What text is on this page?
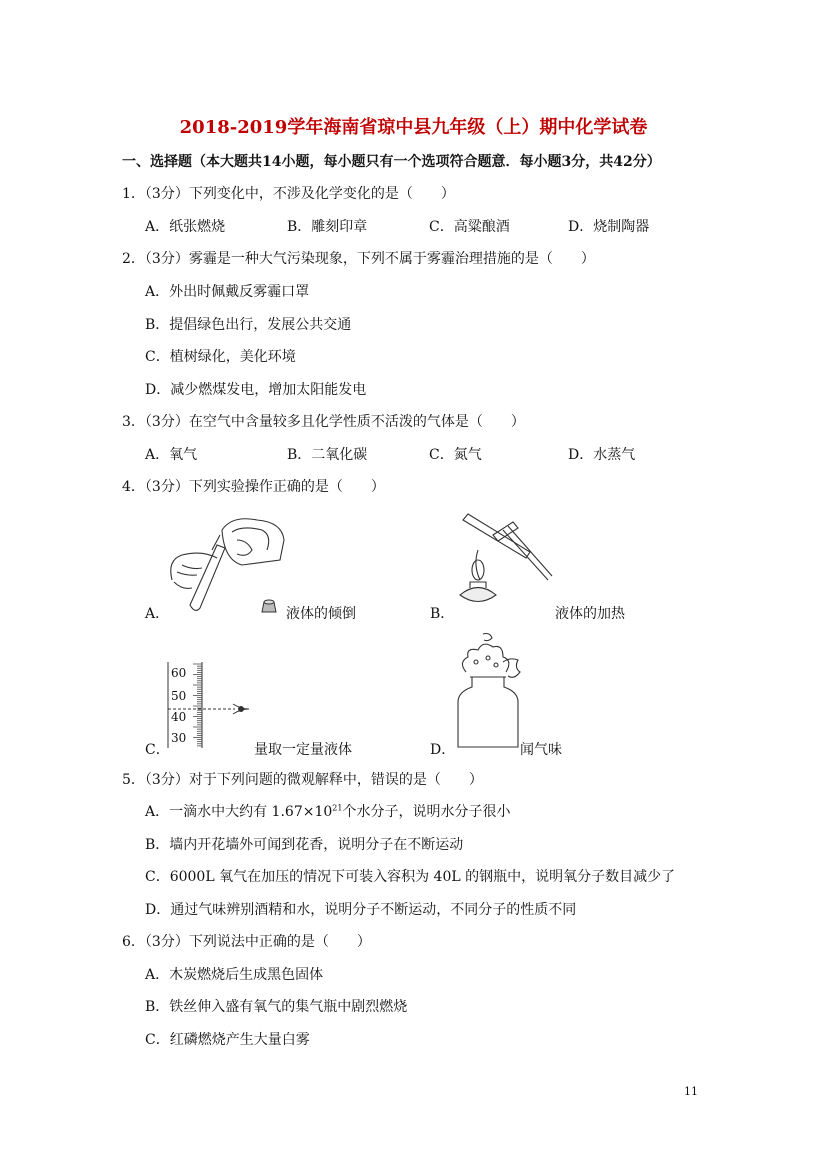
2018-2019学年海南省琼中县九年级（上）期中化学试卷
一、选择题（本大题共14小题，每小题只有一个选项符合题意．每小题3分，共42分）
1．（3分）下列变化中，不涉及化学变化的是（　　）
A．纸张燃烧	B．雕刻印章	C．高粱酿酒	D．烧制陶器
2．（3分）雾霾是一种大气污染现象，下列不属于雾霾治理措施的是（　　）
A．外出时佩戴反雾霾口罩
B．提倡绿色出行，发展公共交通
C．植树绿化，美化环境
D．减少燃煤发电，增加太阳能发电
3．（3分）在空气中含量较多且化学性质不活泼的气体是（　　）
A．氧气	B．二氧化碳	C．氮气	D．水蒸气
4．（3分）下列实验操作正确的是（　　）
A．	液体的倾倒	B．	液体的加热
60
50
40
30
C．	量取一定量液体	D．	闻气味
5．（3分）对于下列问题的微观解释中，错误的是（　　）
A．一滴水中大约有 $1.67\times 10^{21}$个水分子，说明水分子很小
B．墙内开花墙外可闻到花香，说明分子在不断运动
C．6000L 氧气在加压的情况下可装入容积为 40L 的钢瓶中，说明氧分子数目减少了
D．通过气味辨别酒精和水，说明分子不断运动，不同分子的性质不同
6．（3分）下列说法中正确的是（　　）
A．木炭燃烧后生成黑色固体
B．铁丝伸入盛有氧气的集气瓶中剧烈燃烧
C．红磷燃烧产生大量白雾
11
